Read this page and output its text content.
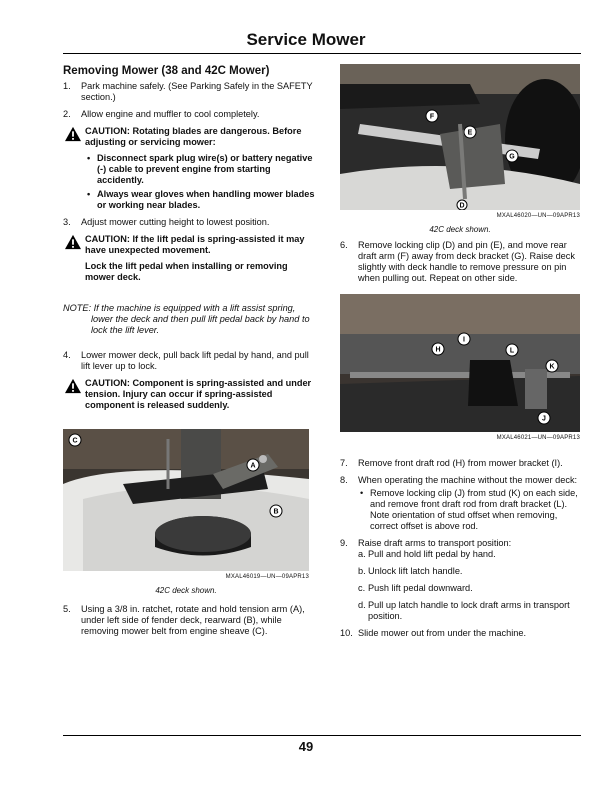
Service Mower
Removing Mower (38 and 42C Mower)
1. Park machine safely. (See Parking Safely in the SAFETY section.)
2. Allow engine and muffler to cool completely.
CAUTION: Rotating blades are dangerous. Before adjusting or servicing mower:
• Disconnect spark plug wire(s) or battery negative (-) cable to prevent engine from starting accidently.
• Always wear gloves when handling mower blades or working near blades.
3. Adjust mower cutting height to lowest position.
CAUTION: If the lift pedal is spring-assisted it may have unexpected movement.
Lock the lift pedal when installing or removing mower deck.
NOTE: If the machine is equipped with a lift assist spring,
lower the deck and then pull lift pedal back by hand to lock the lift lever.
4. Lower mower deck, pull back lift pedal by hand, and pull lift lever up to lock.
CAUTION: Component is spring-assisted and under tension. Injury can occur if spring-assisted component is released suddenly.
A
B
C
MXAL46019—UN—09APR13
42C deck shown.
5. Using a 3/8 in. ratchet, rotate and hold tension arm (A), under left side of fender deck, rearward (B), while removing mower belt from engine sheave (C).
F
E
G
D
MXAL46020—UN—09APR13
42C deck shown.
6. Remove locking clip (D) and pin (E), and move rear draft arm (F) away from deck bracket (G). Raise deck slightly with deck handle to remove pressure on pin when pulling out. Repeat on other side.
I
H	L
K
J
MXAL46021—UN—09APR13
7. Remove front draft rod (H) from mower bracket (I).
8. When operating the machine without the mower deck:
• Remove locking clip (J) from stud (K) on each side, and remove front draft rod from draft bracket (L). Note orientation of stud offset when removing, correct offset is above rod.
9. Raise draft arms to transport position:
a. Pull and hold lift pedal by hand.
b. Unlock lift latch handle.
c. Push lift pedal downward.
d. Pull up latch handle to lock draft arms in transport position.
10. Slide mower out from under the machine.
49
